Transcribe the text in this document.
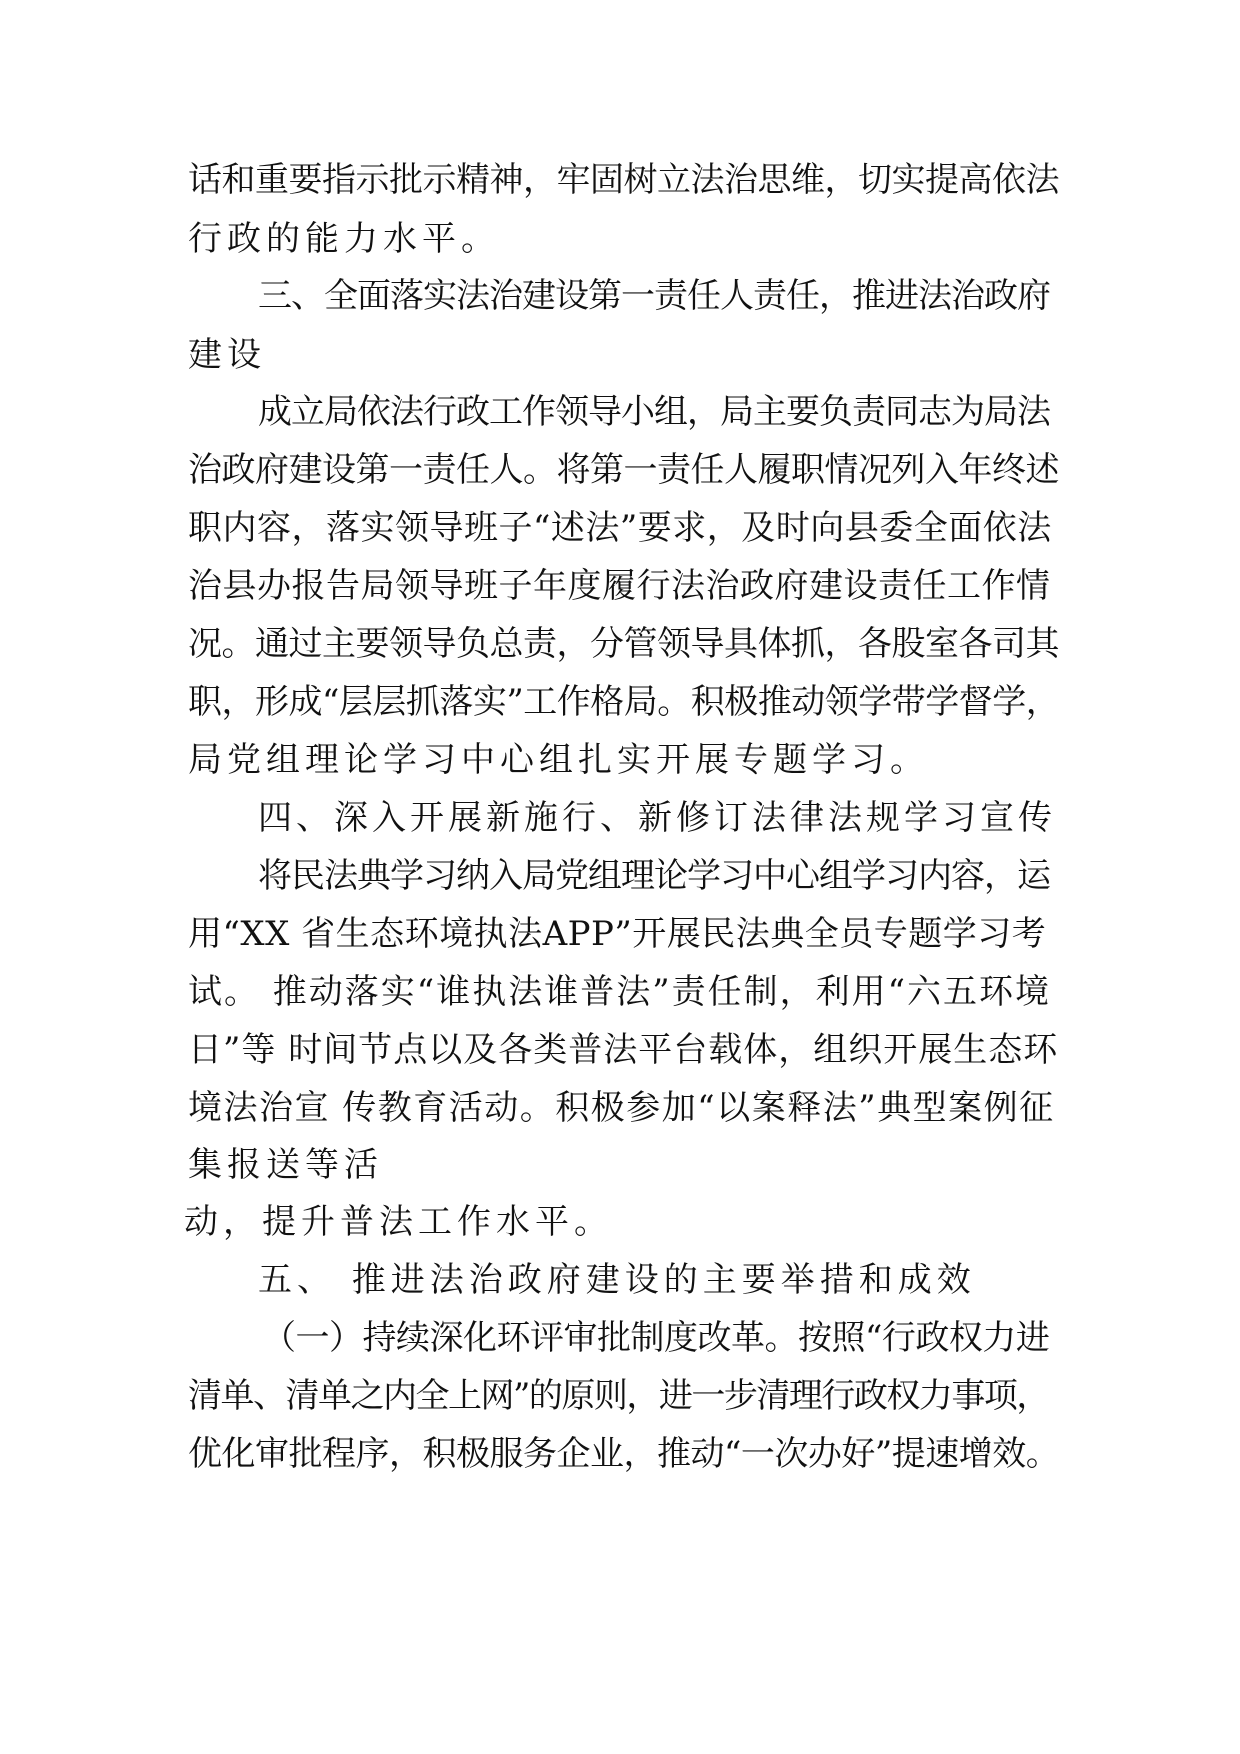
话和重要指示批示精神，牢固树立法治思维，切实提高依法

行政的能力水平。

三、全面落实法治建设第一责任人责任，推进法治政府

建设

成立局依法行政工作领导小组，局主要负责同志为局法

治政府建设第一责任人。将第一责任人履职情况列入年终述

职内容，落实领导班子“述法”要求，及时向县委全面依法

治县办报告局领导班子年度履行法治政府建设责任工作情

况。通过主要领导负总责，分管领导具体抓，各股室各司其

职，形成“层层抓落实”工作格局。积极推动领学带学督学，

局党组理论学习中心组扎实开展专题学习。

四、深入开展新施行、新修订法律法规学习宣传

将民法典学习纳入局党组理论学习中心组学习内容，运

用“XX 省生态环境执法APP”开展民法典全员专题学习考

试。 推动落实“谁执法谁普法”责任制，利用“六五环境

日”等 时间节点以及各类普法平台载体，组织开展生态环

境法治宣 传教育活动。积极参加“以案释法”典型案例征

集报送等活

动，提升普法工作水平。

五、 推进法治政府建设的主要举措和成效

（一）持续深化环评审批制度改革。按照“行政权力进

清单、清单之内全上网”的原则，进一步清理行政权力事项，

优化审批程序，积极服务企业，推动“一次办好”提速增效。
